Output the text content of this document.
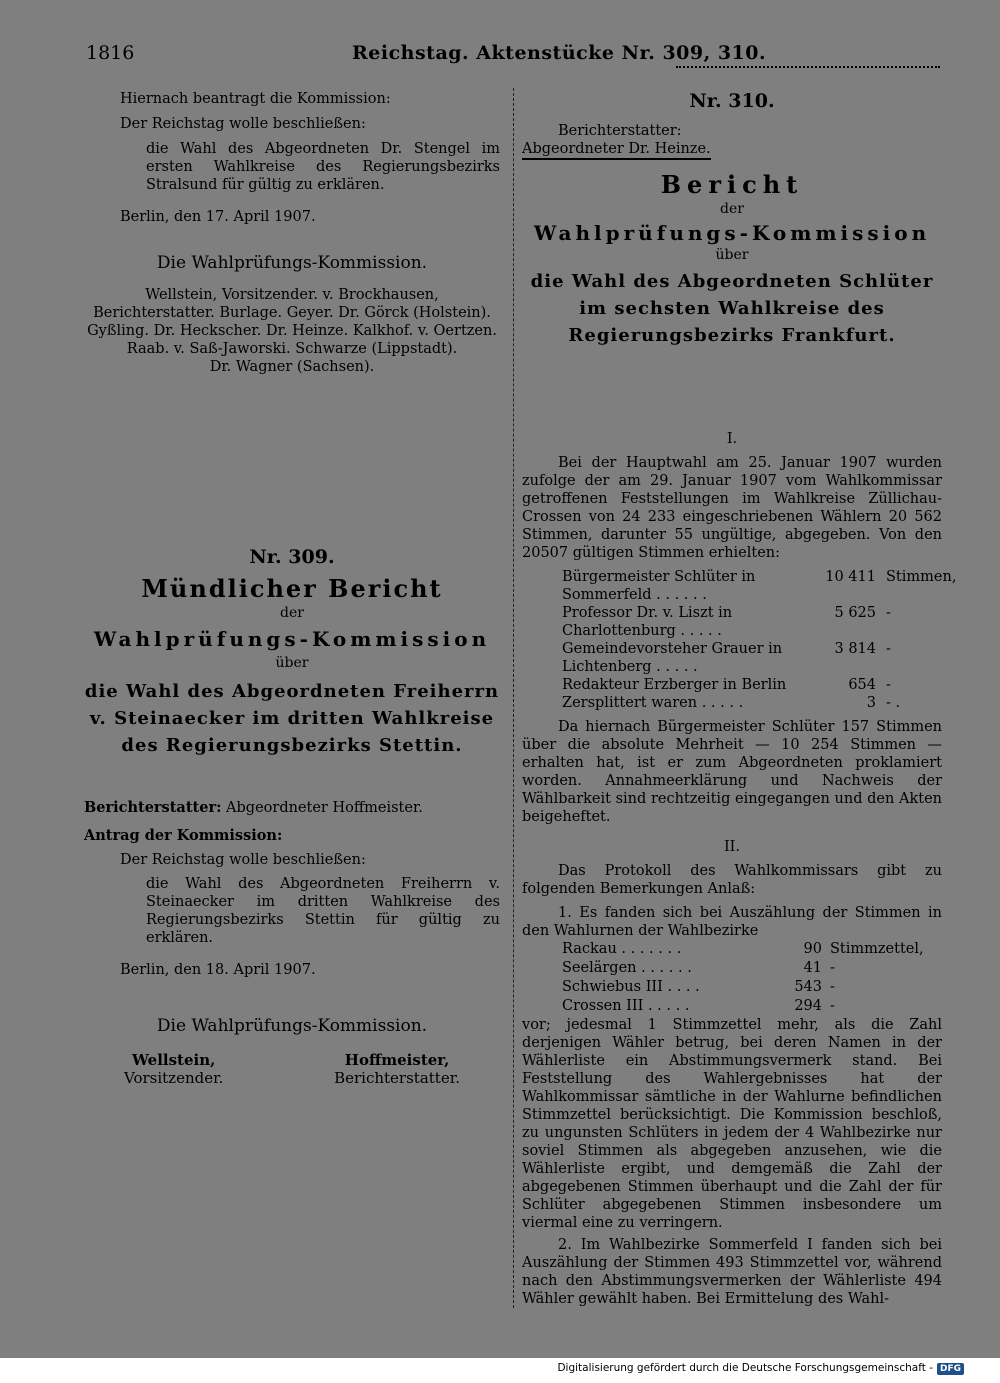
1816	Reichstag. Aktenstücke Nr. 309, 310.

Hiernach beantragt die Kommission:

Der Reichstag wolle beschließen:

die Wahl des Abgeordneten Dr. Stengel im ersten Wahlkreise des Regierungsbezirks Stralsund für gültig zu erklären.

Berlin, den 17. April 1907.

Die Wahlprüfungs-Kommission.

Wellstein, Vorsitzender. v. Brockhausen, Berichterstatter. Burlage. Geyer. Dr. Görck (Holstein). Gyßling. Dr. Heckscher. Dr. Heinze. Kalkhof. v. Oertzen. Raab. v. Saß-Jaworski. Schwarze (Lippstadt).

Dr. Wagner (Sachsen).

Nr. 309.

Mündlicher Bericht

der

Wahlprüfungs-Kommission

über

die Wahl des Abgeordneten Freiherrn v. Steinaecker im dritten Wahlkreise des Regierungsbezirks Stettin.

Berichterstatter: Abgeordneter Hoffmeister.

Antrag der Kommission:

Der Reichstag wolle beschließen:

die Wahl des Abgeordneten Freiherrn v. Steinaecker im dritten Wahlkreise des Regierungsbezirks Stettin für gültig zu erklären.

Berlin, den 18. April 1907.

Die Wahlprüfungs-Kommission.

Wellstein,
Vorsitzender.
Hoffmeister,
Berichterstatter.

Nr. 310.

Berichterstatter:

Abgeordneter Dr. Heinze.

Bericht

der

Wahlprüfungs-Kommission

über

die Wahl des Abgeordneten Schlüter im sechsten Wahlkreise des Regierungsbezirks Frankfurt.

I.

Bei der Hauptwahl am 25. Januar 1907 wurden zufolge der am 29. Januar 1907 vom Wahlkommissar getroffenen Feststellungen im Wahlkreise Züllichau-Crossen von 24 233 eingeschriebenen Wählern 20 562 Stimmen, darunter 55 ungültige, abgegeben. Von den 20507 gültigen Stimmen erhielten:

Bürgermeister Schlüter in Sommerfeld . . . . . .
10 411 Stimmen,
Professor Dr. v. Liszt in Charlottenburg . . . . .
5 625 -
Gemeindevorsteher Grauer in Lichtenberg . . . . .
3 814 -
Redakteur Erzberger in Berlin	654 -
Zersplittert waren . . . . .	3 - .

Da hiernach Bürgermeister Schlüter 157 Stimmen über die absolute Mehrheit — 10 254 Stimmen — erhalten hat, ist er zum Abgeordneten proklamiert worden. Annahmeerklärung und Nachweis der Wählbarkeit sind rechtzeitig eingegangen und den Akten beigeheftet.

II.

Das Protokoll des Wahlkommissars gibt zu folgenden Bemerkungen Anlaß:

1. Es fanden sich bei Auszählung der Stimmen in den Wahlurnen der Wahlbezirke

Rackau . . . . . . .	90 Stimmzettel,
Seelärgen . . . . . .	41 -
Schwiebus III . . . .	543 -
Crossen III . . . . .	294 -

vor; jedesmal 1 Stimmzettel mehr, als die Zahl derjenigen Wähler betrug, bei deren Namen in der Wählerliste ein Abstimmungsvermerk stand. Bei Feststellung des Wahlergebnisses hat der Wahlkommissar sämtliche in der Wahlurne befindlichen Stimmzettel berücksichtigt. Die Kommission beschloß, zu ungunsten Schlüters in jedem der 4 Wahlbezirke nur soviel Stimmen als abgegeben anzusehen, wie die Wählerliste ergibt, und demgemäß die Zahl der abgegebenen Stimmen überhaupt und die Zahl der für Schlüter abgegebenen Stimmen insbesondere um viermal eine zu verringern.

2. Im Wahlbezirke Sommerfeld I fanden sich bei Auszählung der Stimmen 493 Stimmzettel vor, während nach den Abstimmungsvermerken der Wählerliste 494 Wähler gewählt haben. Bei Ermittelung des Wahl-

Digitalisierung gefördert durch die Deutsche Forschungsgemeinschaft - DFG
